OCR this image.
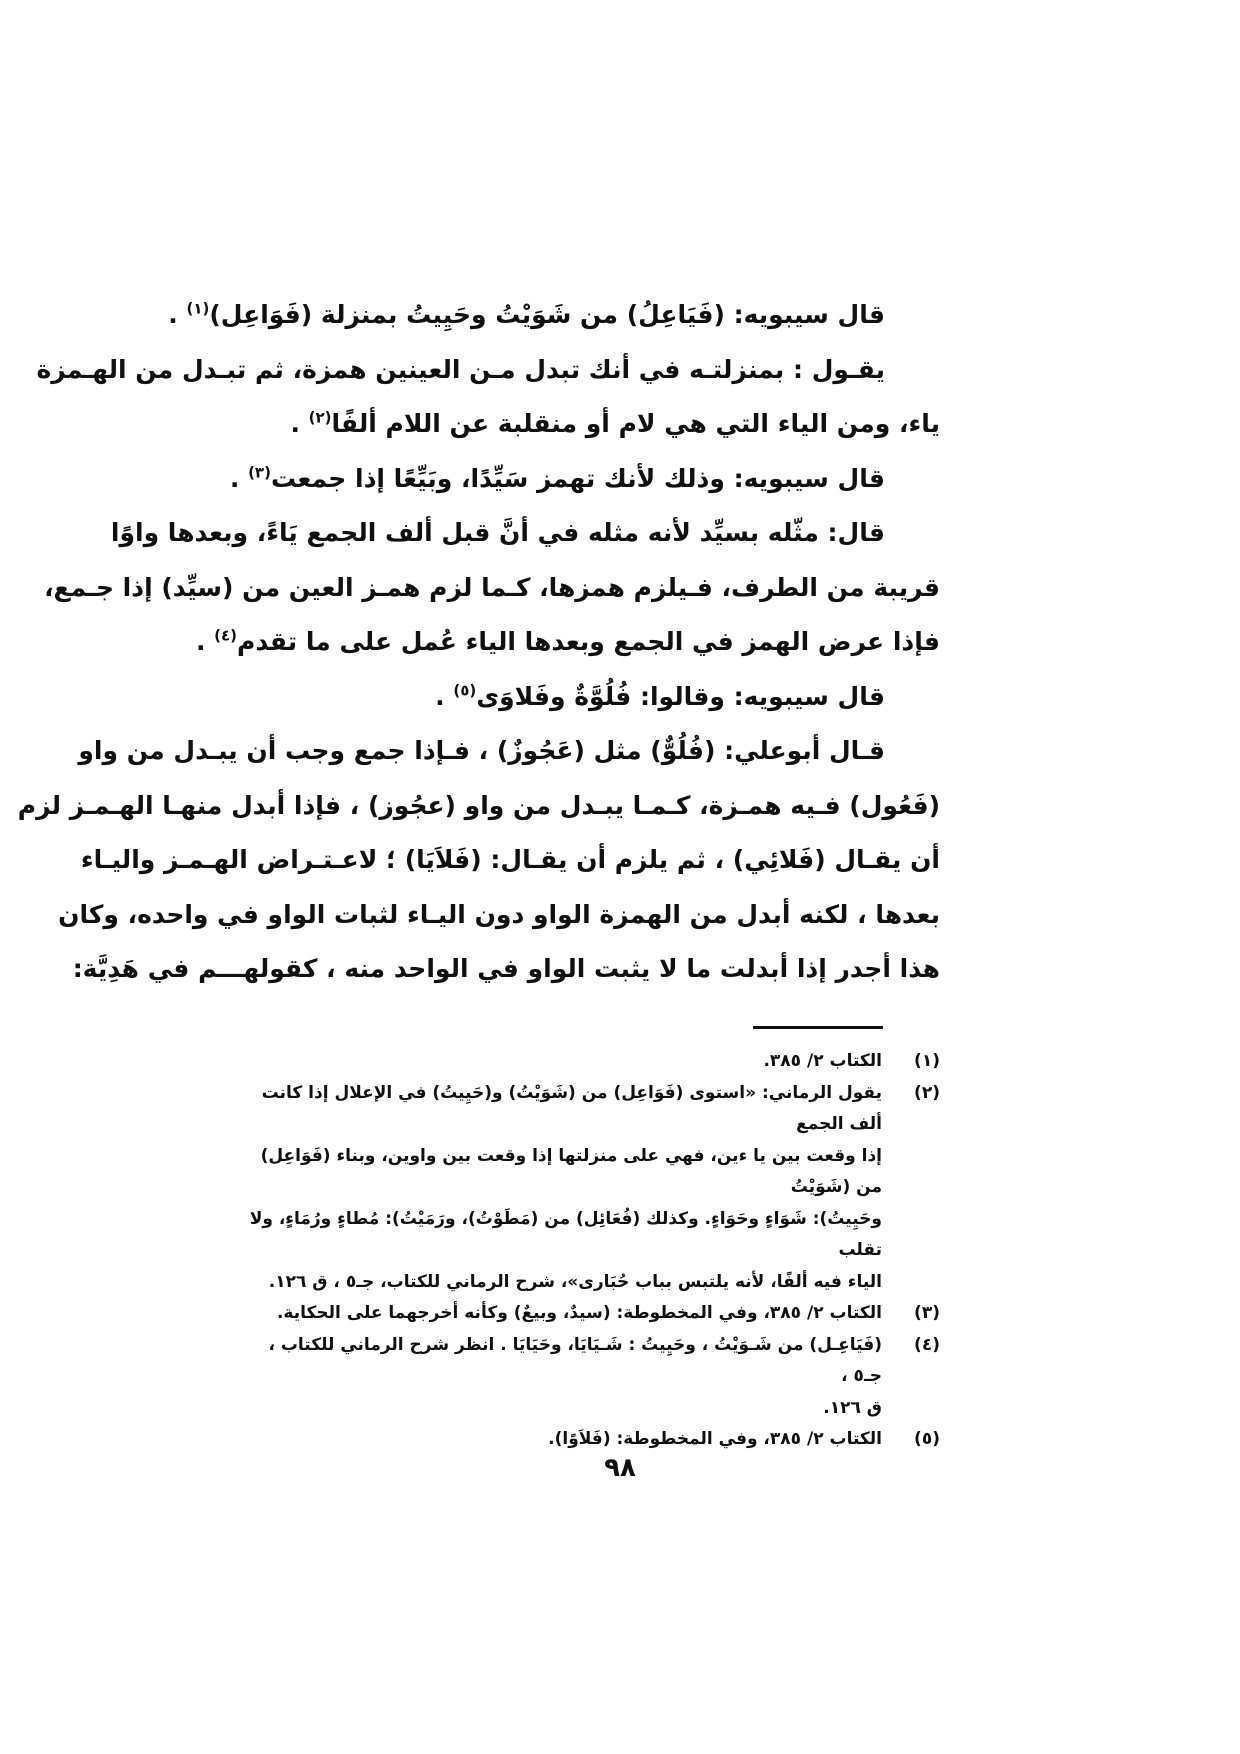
قال سيبويه: (فَيَاعِلُ) من شَوَيْتُ وحَيِيتُ بمنزلة (فَوَاعِل)$^{(١)}$ .
يقـول : بمنزلتـه في أنك تبدل مـن العينين همزة، ثم تبـدل من الهـمزة
ياء، ومن الياء التي هي لام أو منقلبة عن اللام ألفًا$^{(٢)}$ .
قال سيبويه: وذلك لأنك تهمز سَيِّدًا، وبَيِّعًا إذا جمعت$^{(٣)}$ .
قال: مثّله بسيِّد لأنه مثله في أنَّ قبل ألف الجمع يَاءً، وبعدها واوًا
قريبة من الطرف، فـيلزم همزها، كـما لزم همـز العين من (سيِّد) إذا جـمع،
فإذا عرض الهمز في الجمع وبعدها الياء عُمل على ما تقدم$^{(٤)}$ .
قال سيبويه: وقالوا: فُلُوَّةٌ وفَلاوَى$^{(٥)}$ .
قـال أبوعلي: (فُلُوٌّ) مثل (عَجُوزٌ) ، فـإذا جمع وجب أن يبـدل من واو
(فَعُول) فـيه همـزة، كـمـا يبـدل من واو (عجُوز) ، فإذا أبدل منهـا الهـمـز لزم
أن يقـال (فَلائِي) ، ثم يلزم أن يقـال: (فَلاَيَا) ؛ لاعـتـراض الهـمـز واليـاء
بعدها ، لكنه أبدل من الهمزة الواو دون اليـاء لثبات الواو في واحده، وكان
هذا أجدر إذا أبدلت ما لا يثبت الواو في الواحد منه ، كقولهـــم في هَدِيَّة:
(١)
الكتاب ٢/ ٣٨٥.
(٢)
يقول الرماني: «استوى (فَوَاعِل) من (شَوَيْتُ) و(حَيِيتُ) في الإعلال إذا كانت ألف الجمع
إذا وقعت بين يا ءين، فهي على منزلتها إذا وقعت بين واوين، وبناء (فَوَاعِل) من (شَوَيْتُ
وحَيِيتُ): شَوَاءٍ وحَوَاءٍ. وكذلك (فُعَائِل) من (مَطَوْتُ)، ورَمَيْتُ): مُطاءٍ ورُمَاءٍ، ولا تقلب
الياء فيه ألفًا، لأنه يلتبس بباب حُبَارى»، شرح الرماني للكتاب، جـ٥ ، ق ١٢٦.
(٣)
الكتاب ٢/ ٣٨٥، وفي المخطوطة: (سيدٌ، وبيعٌ) وكأنه أخرجهما على الحكاية.
(٤)
(فَيَاعِـل) من شَـوَيْتُ ، وحَيِيتُ : شَـيَايَا، وحَيَايَا . انظر شرح الرماني للكتاب ، جـ٥ ،
ق ١٢٦.
(٥)
الكتاب ٢/ ٣٨٥، وفي المخطوطة: (فَلاَوًا).
٩٨
